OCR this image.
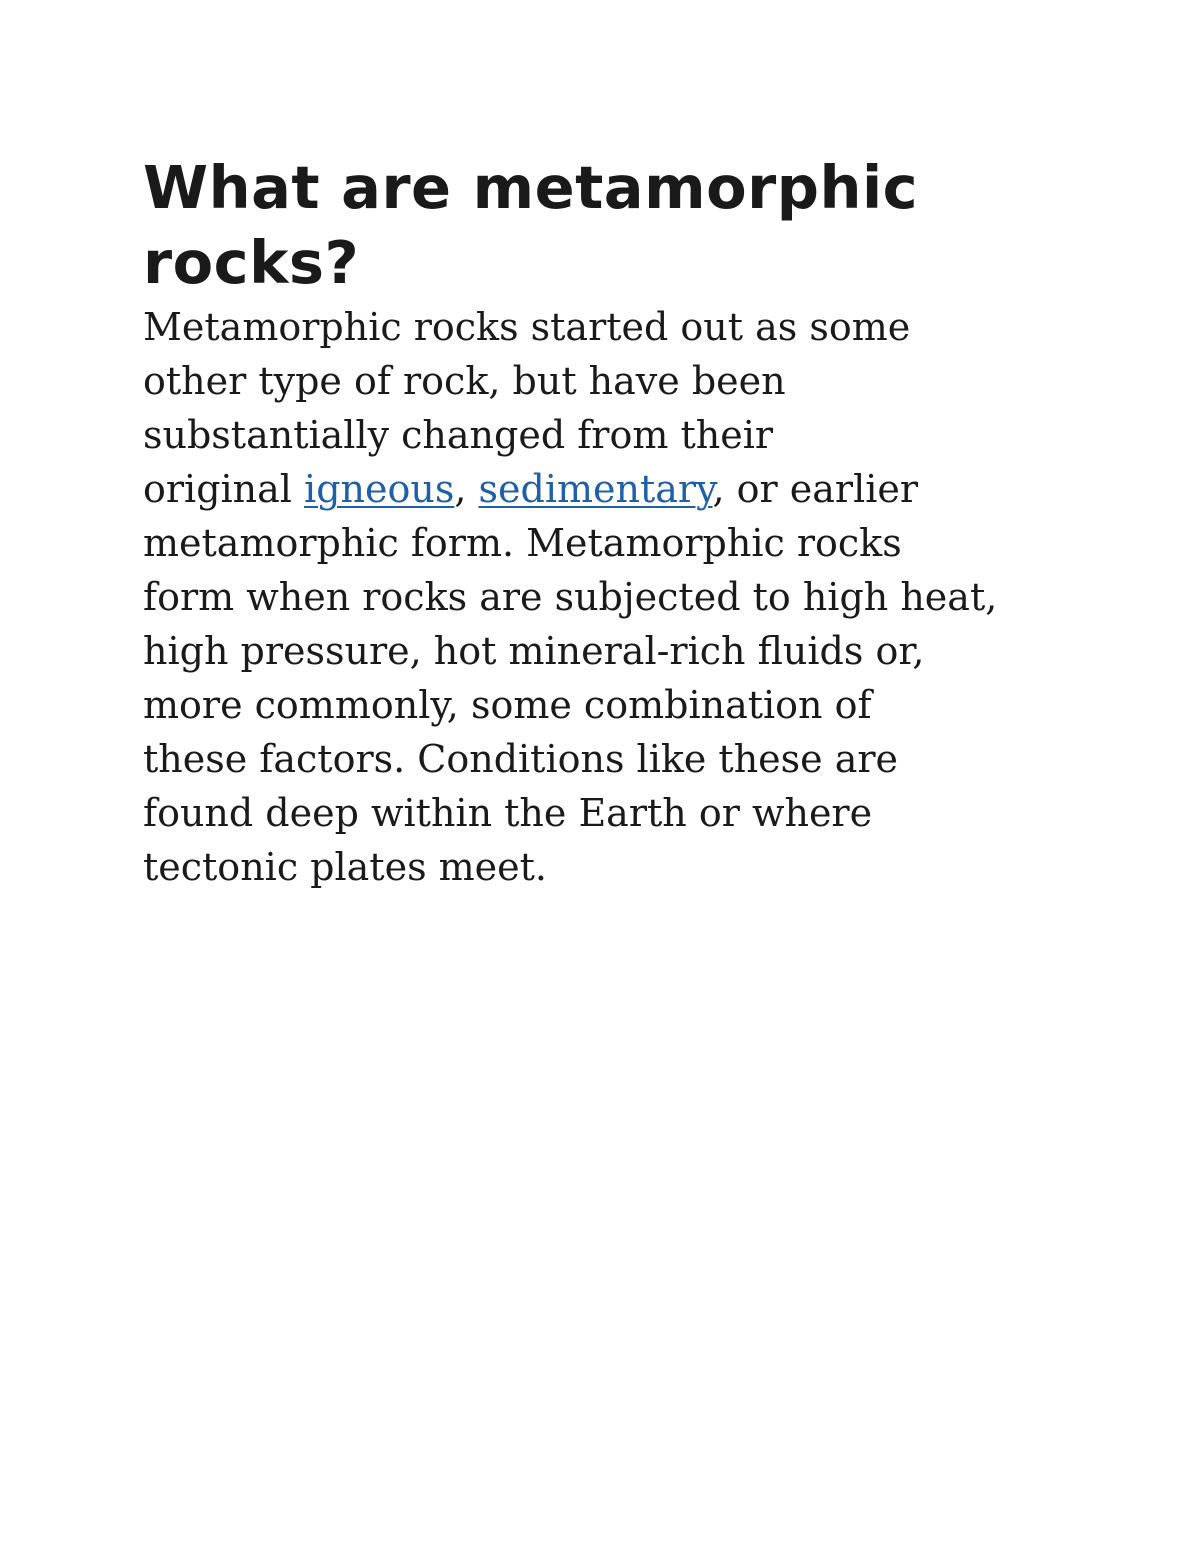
What are metamorphic
rocks?

Metamorphic rocks started out as some
other type of rock, but have been
substantially changed from their
original igneous, sedimentary, or earlier
metamorphic form. Metamorphic rocks
form when rocks are subjected to high heat,
high pressure, hot mineral-rich fluids or,
more commonly, some combination of
these factors. Conditions like these are
found deep within the Earth or where
tectonic plates meet.
